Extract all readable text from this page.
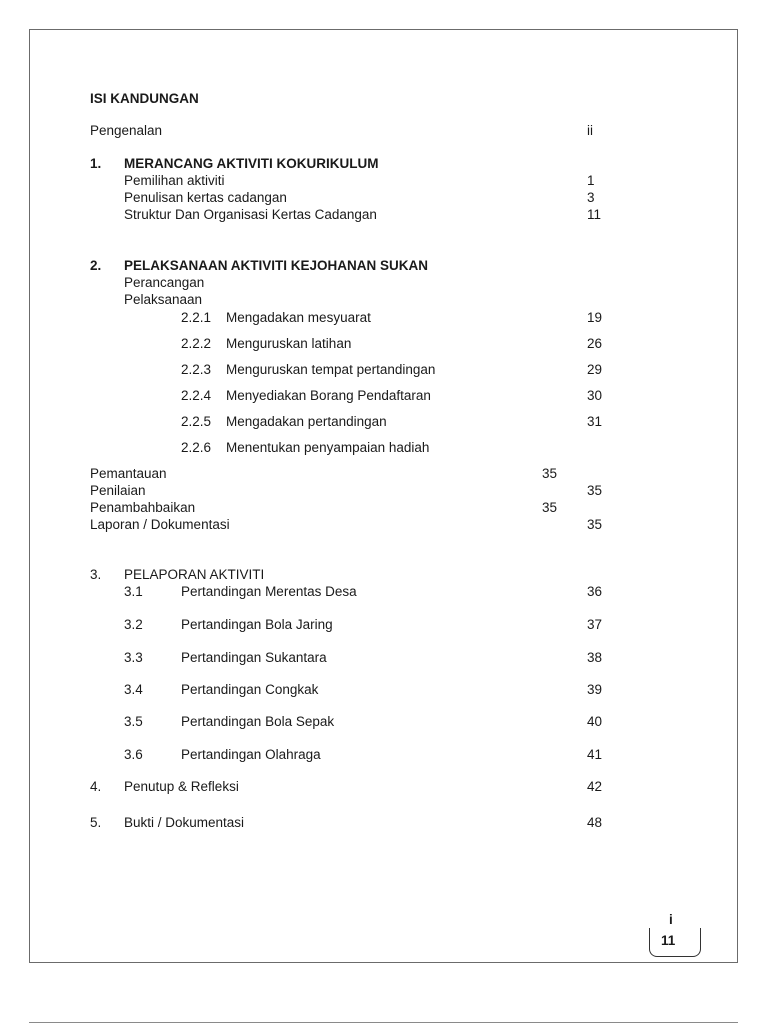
ISI KANDUNGAN
Pengenalan	ii
1. MERANCANG AKTIVITI KOKURIKULUM
Pemilihan aktiviti	1
Penulisan kertas cadangan	3
Struktur Dan Organisasi Kertas Cadangan	11
2. PELAKSANAAN AKTIVITI KEJOHANAN SUKAN
Perancangan
Pelaksanaan
2.2.1 Mengadakan mesyuarat	19
2.2.2 Menguruskan latihan	26
2.2.3 Menguruskan tempat pertandingan	29
2.2.4 Menyediakan Borang Pendaftaran	30
2.2.5 Mengadakan pertandingan	31
2.2.6 Menentukan penyampaian hadiah
Pemantauan	35
Penilaian	35
Penambahbaikan	35
Laporan / Dokumentasi	35
3. PELAPORAN AKTIVITI
3.1	Pertandingan Merentas Desa	36
3.2	Pertandingan Bola Jaring	37
3.3	Pertandingan Sukantara	38
3.4	Pertandingan Congkak	39
3.5	Pertandingan Bola Sepak	40
3.6	Pertandingan Olahraga	41
4. Penutup & Refleksi	42
5. Bukti / Dokumentasi	48
i
11
